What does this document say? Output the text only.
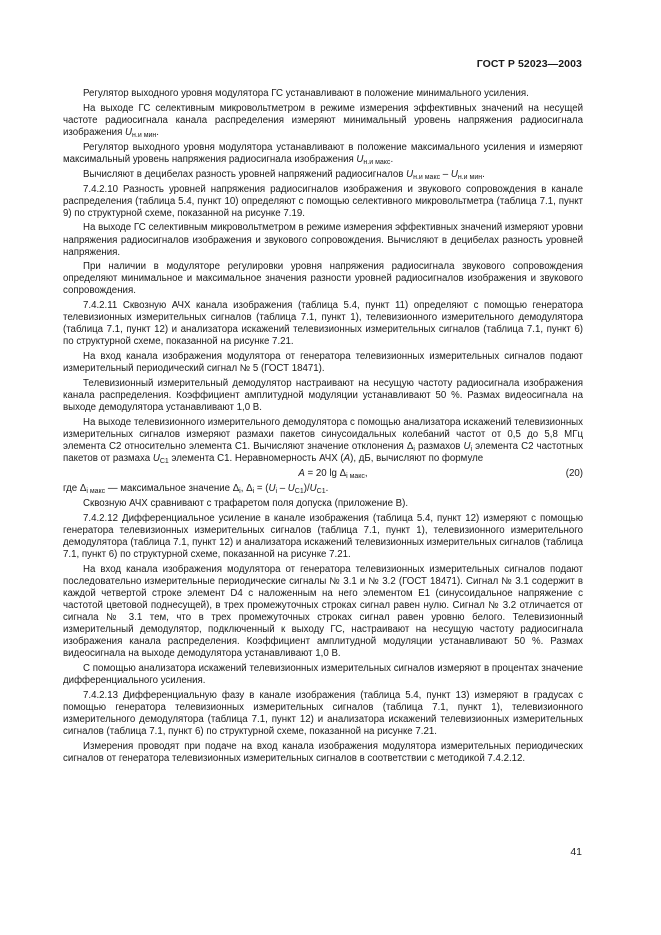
ГОСТ Р 52023—2003

Регулятор выходного уровня модулятора ГС устанавливают в положение минимального усиления.

На выходе ГС селективным микровольтметром в режиме измерения эффективных значений на несущей частоте радиосигнала канала распределения измеряют минимальный уровень напряжения радиосигнала изображения $U_{н.и мин}$.

Регулятор выходного уровня модулятора устанавливают в положение максимального усиления и измеряют максимальный уровень напряжения радиосигнала изображения $U_{н.и макс}$.

Вычисляют в децибелах разность уровней напряжений радиосигналов $U_{н.и макс} - U_{н.и мин}$.

7.4.2.10 Разность уровней напряжения радиосигналов изображения и звукового сопровождения в канале распределения (таблица 5.4, пункт 10) определяют с помощью селективного микровольтметра (таблица 7.1, пункт 9) по структурной схеме, показанной на рисунке 7.19.

На выходе ГС селективным микровольтметром в режиме измерения эффективных значений измеряют уровни напряжения радиосигналов изображения и звукового сопровождения. Вычисляют в децибелах разность уровней напряжения.

При наличии в модуляторе регулировки уровня напряжения радиосигнала звукового сопровождения определяют минимальное и максимальное значения разности уровней радиосигналов изображения и звукового сопровождения.

7.4.2.11 Сквозную АЧХ канала изображения (таблица 5.4, пункт 11) определяют с помощью генератора телевизионных измерительных сигналов (таблица 7.1, пункт 1), телевизионного измерительного демодулятора (таблица 7.1, пункт 12) и анализатора искажений телевизионных измерительных сигналов (таблица 7.1, пункт 6) по структурной схеме, показанной на рисунке 7.21.

На вход канала изображения модулятора от генератора телевизионных измерительных сигналов подают измерительный периодический сигнал № 5 (ГОСТ 18471).

Телевизионный измерительный демодулятор настраивают на несущую частоту радиосигнала изображения канала распределения. Коэффициент амплитудной модуляции устанавливают 50 %. Размах видеосигнала на выходе демодулятора устанавливают 1,0 В.

На выходе телевизионного измерительного демодулятора с помощью анализатора искажений телевизионных измерительных сигналов измеряют размахи пакетов синусоидальных колебаний частот от 0,5 до 5,8 МГц элемента С2 относительно элемента С1. Вычисляют значение отклонения $\Delta_i$ размахов $U_i$ элемента С2 частотных пакетов от размаха $U_{С1}$ элемента С1. Неравномерность АЧХ (А), дБ, вычисляют по формуле

A = 20 $\lg \Delta_{i макс}$,	(20)

где $\Delta_{i макс}$ — максимальное значение $\Delta_i$, $\Delta_i = (U_i - U_{С1})/U_{С1}$.

Сквозную АЧХ сравнивают с трафаретом поля допуска (приложение В).

7.4.2.12 Дифференциальное усиление в канале изображения (таблица 5.4, пункт 12) измеряют с помощью генератора телевизионных измерительных сигналов (таблица 7.1, пункт 1), телевизионного измерительного демодулятора (таблица 7.1, пункт 12) и анализатора искажений телевизионных измерительных сигналов (таблица 7.1, пункт 6) по структурной схеме, показанной на рисунке 7.21.

На вход канала изображения модулятора от генератора телевизионных измерительных сигналов подают последовательно измерительные периодические сигналы № 3.1 и № 3.2 (ГОСТ 18471). Сигнал № 3.1 содержит в каждой четвертой строке элемент D4 с наложенным на него элементом Е1 (синусоидальное напряжение с частотой цветовой поднесущей), в трех промежуточных строках сигнал равен нулю. Сигнал № 3.2 отличается от сигнала № 3.1 тем, что в трех промежуточных строках сигнал равен уровню белого. Телевизионный измерительный демодулятор, подключенный к выходу ГС, настраивают на несущую частоту радиосигнала изображения канала распределения. Коэффициент амплитудной модуляции устанавливают 50 %. Размах видеосигнала на выходе демодулятора устанавливают 1,0 В.

С помощью анализатора искажений телевизионных измерительных сигналов измеряют в процентах значение дифференциального усиления.

7.4.2.13 Дифференциальную фазу в канале изображения (таблица 5.4, пункт 13) измеряют в градусах с помощью генератора телевизионных измерительных сигналов (таблица 7.1, пункт 1), телевизионного измерительного демодулятора (таблица 7.1, пункт 12) и анализатора искажений телевизионных измерительных сигналов (таблица 7.1, пункт 6) по структурной схеме, показанной на рисунке 7.21.

Измерения проводят при подаче на вход канала изображения модулятора измерительных периодических сигналов от генератора телевизионных измерительных сигналов в соответствии с методикой 7.4.2.12.

41
